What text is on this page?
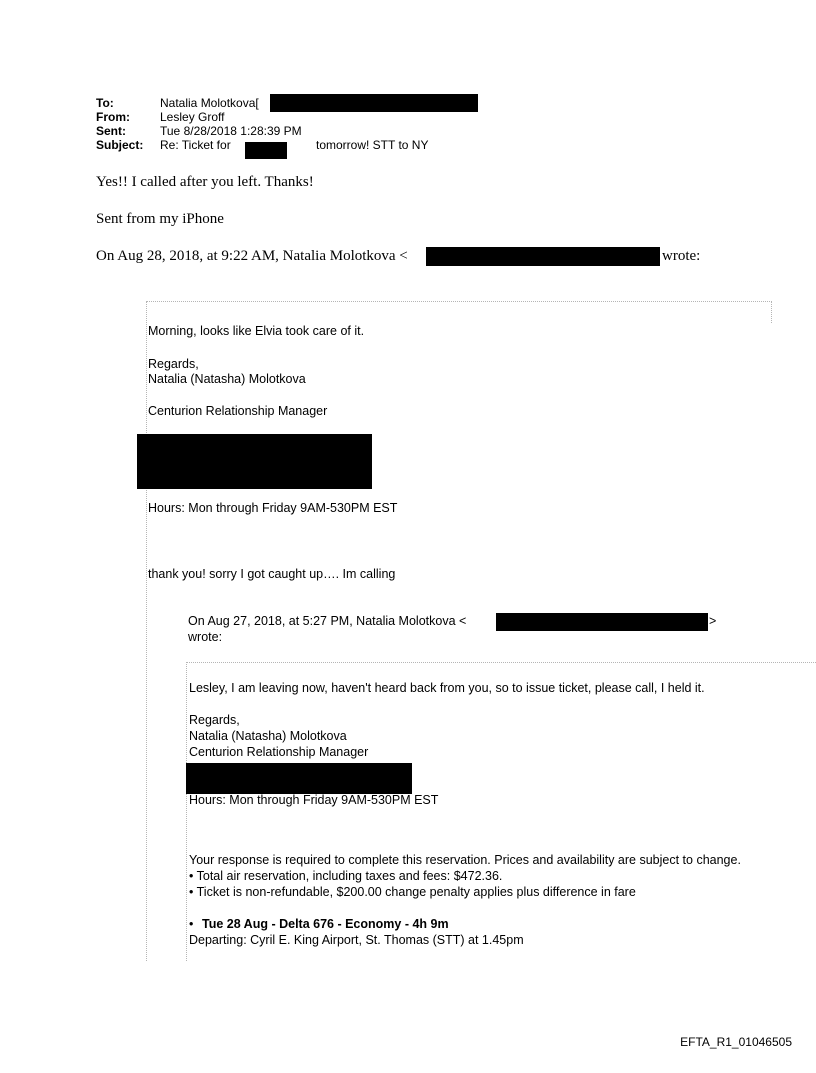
To:	Natalia Molotkova[
From:	Lesley Groff
Sent:	Tue 8/28/2018 1:28:39 PM
Subject: Re: Ticket for	tomorrow! STT to NY
Yes!! I called after you left. Thanks!
Sent from my iPhone
On Aug 28, 2018, at 9:22 AM, Natalia Molotkova <	wrote:
Morning, looks like Elvia took care of it.
Regards,
Natalia (Natasha) Molotkova
Centurion Relationship Manager
Hours: Mon through Friday 9AM-530PM EST
thank you! sorry I got caught up…. Im calling
On Aug 27, 2018, at 5:27 PM, Natalia Molotkova <	>
wrote:
Lesley, I am leaving now, haven't heard back from you, so to issue ticket, please call, I held it.
Regards,
Natalia (Natasha) Molotkova
Centurion Relationship Manager
Hours: Mon through Friday 9AM-530PM EST
Your response is required to complete this reservation. Prices and availability are subject to change.
• Total air reservation, including taxes and fees: $472.36.
• Ticket is non-refundable, $200.00 change penalty applies plus difference in fare
• Tue 28 Aug - Delta 676 - Economy - 4h 9m
Departing: Cyril E. King Airport, St. Thomas (STT) at 1.45pm
EFTA_R1_01046505
